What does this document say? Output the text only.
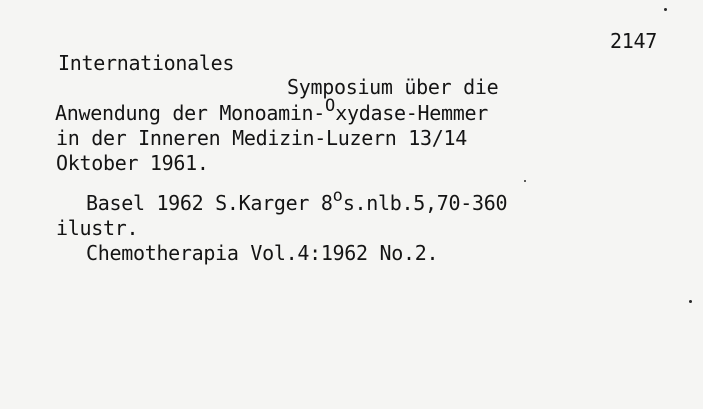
2147
Internationales
Symposium über die
Anwendung der Monoamin-$^O$xydase-Hemmer
in der Inneren Medizin-Luzern 13/14
Oktober 1961.
Basel 1962 S.Karger 8$^o$s.nlb.5,70-360
ilustr.
Chemotherapia Vol.4:1962 No.2.
